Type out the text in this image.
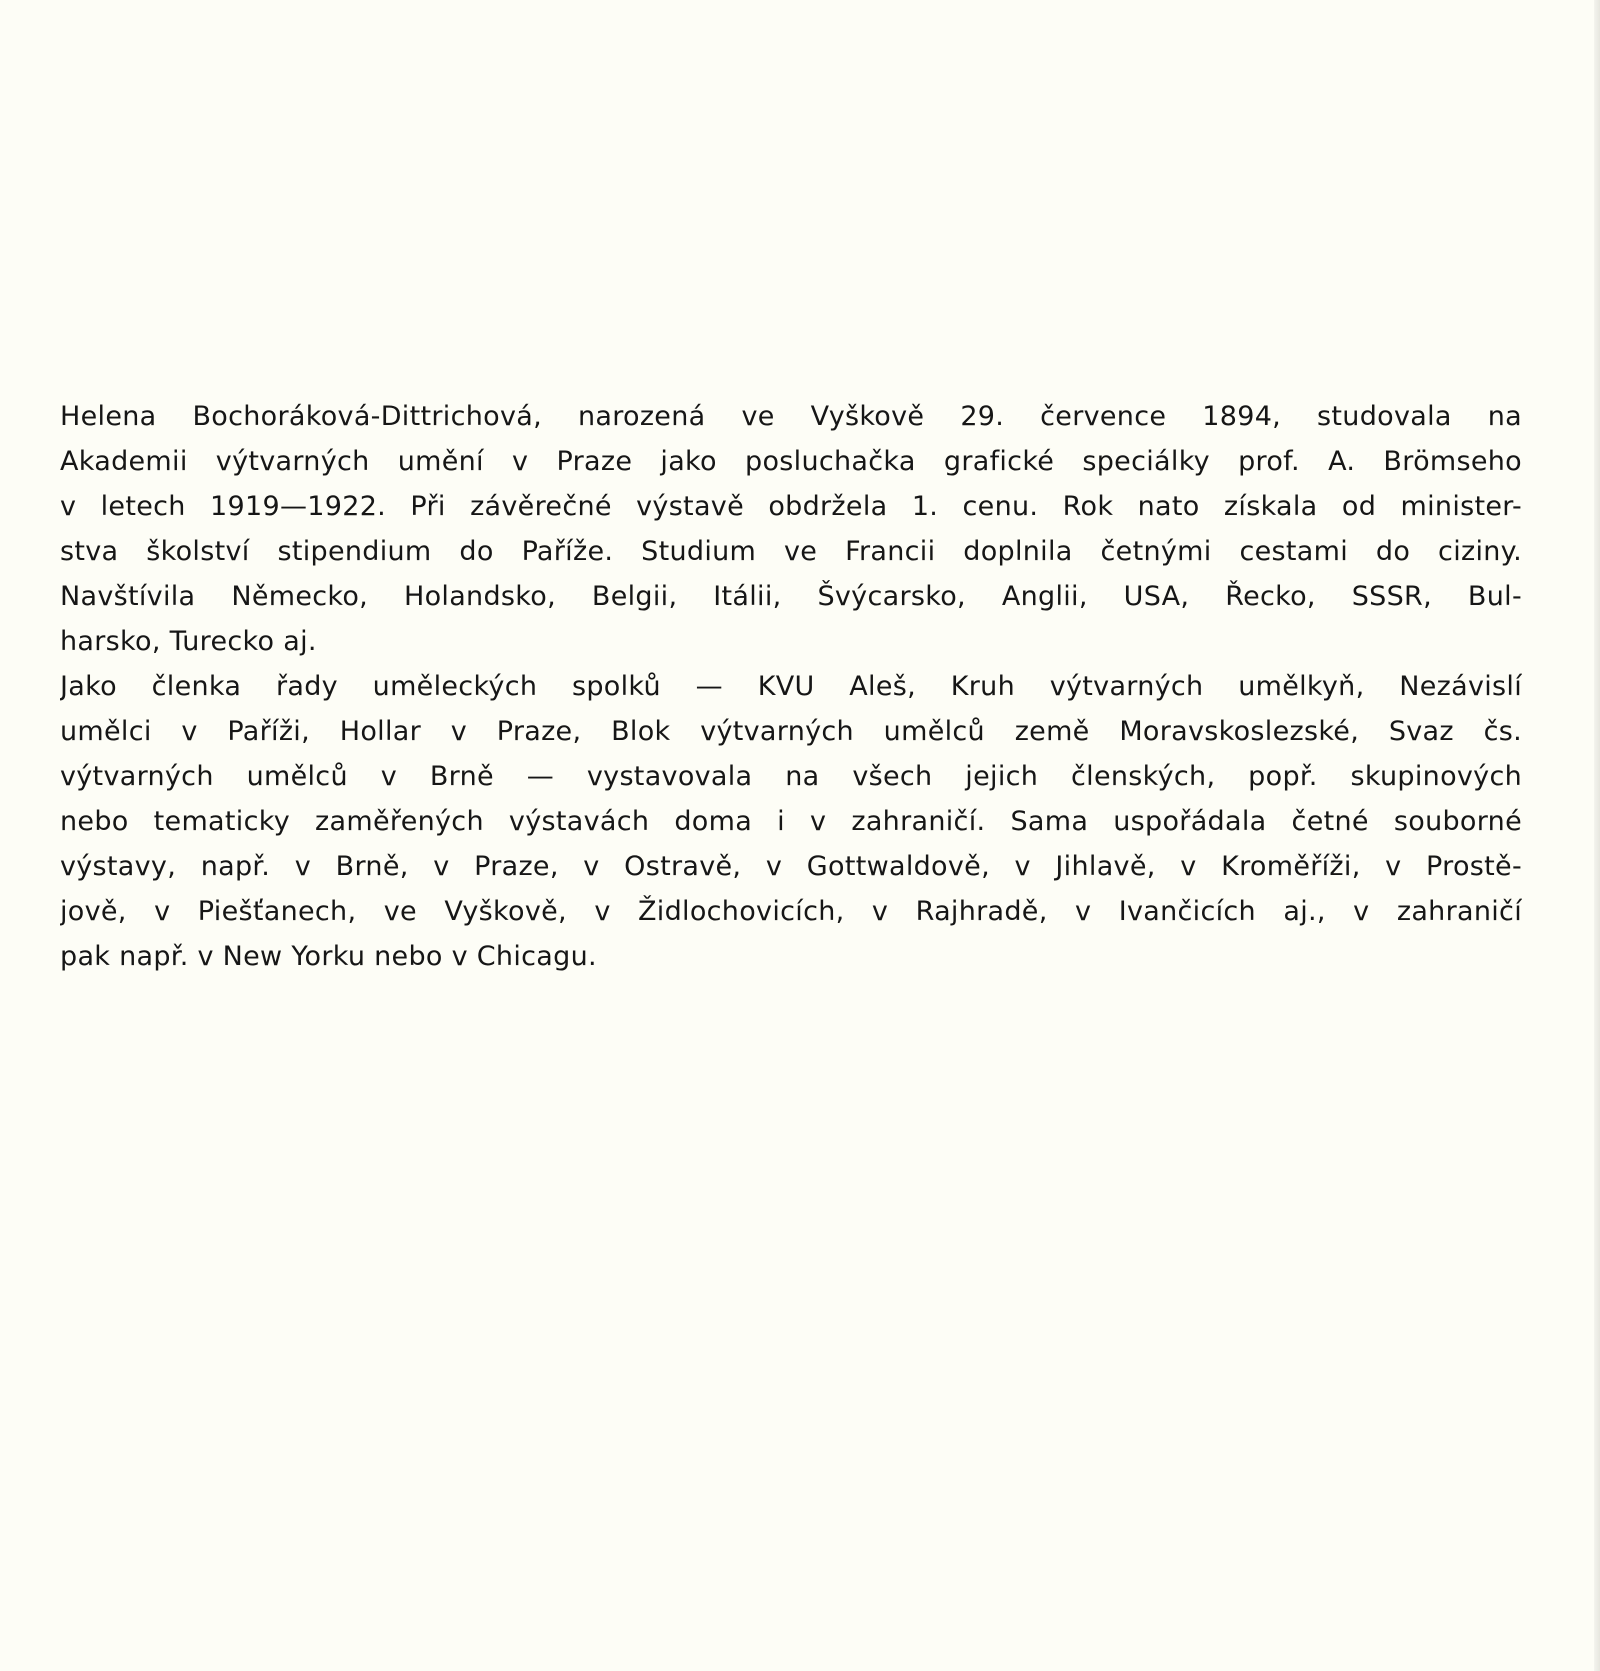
Helena Bochoráková-Dittrichová, narozená ve Vyškově 29. července 1894, studovala na
Akademii výtvarných umění v Praze jako posluchačka grafické speciálky prof. A. Brömseho
v letech 1919—1922. Při závěrečné výstavě obdržela 1. cenu. Rok nato získala od minister-
stva školství stipendium do Paříže. Studium ve Francii doplnila četnými cestami do ciziny.
Navštívila Německo, Holandsko, Belgii, Itálii, Švýcarsko, Anglii, USA, Řecko, SSSR, Bul-
harsko, Turecko aj.
Jako členka řady uměleckých spolků — KVU Aleš, Kruh výtvarných umělkyň, Nezávislí
umělci v Paříži, Hollar v Praze, Blok výtvarných umělců země Moravskoslezské, Svaz čs.
výtvarných umělců v Brně — vystavovala na všech jejich členských, popř. skupinových
nebo tematicky zaměřených výstavách doma i v zahraničí. Sama uspořádala četné souborné
výstavy, např. v Brně, v Praze, v Ostravě, v Gottwaldově, v Jihlavě, v Kroměříži, v Prostě-
jově, v Piešťanech, ve Vyškově, v Židlochovicích, v Rajhradě, v Ivančicích aj., v zahraničí
pak např. v New Yorku nebo v Chicagu.
